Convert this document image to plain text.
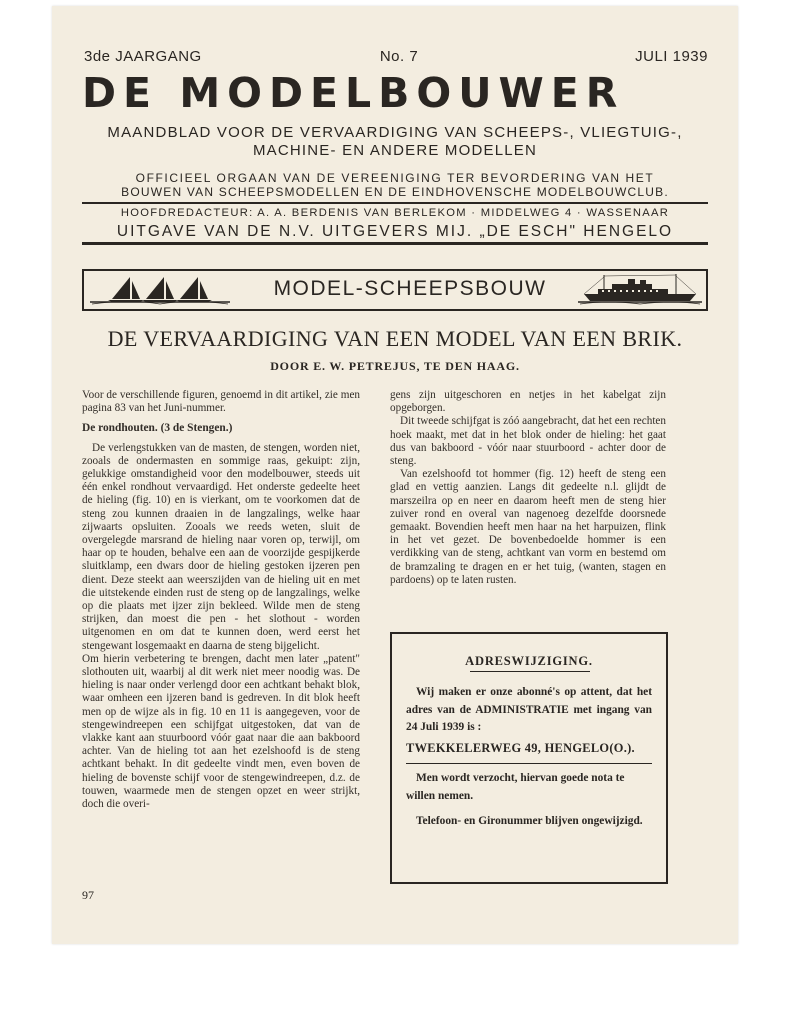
3de JAARGANG	No. 7	JULI 1939
DE MODELBOUWER
MAANDBLAD VOOR DE VERVAARDIGING VAN SCHEEPS-, VLIEGTUIG-,
MACHINE- EN ANDERE MODELLEN
OFFICIEEL ORGAAN VAN DE VEREENIGING TER BEVORDERING VAN HET
BOUWEN VAN SCHEEPSMODELLEN EN DE EINDHOVENSCHE MODELBOUWCLUB.
HOOFDREDACTEUR: A. A. BERDENIS VAN BERLEKOM · MIDDELWEG 4 · WASSENAAR
UITGAVE VAN DE N.V. UITGEVERS MIJ. „DE ESCH" HENGELO
MODEL-SCHEEPSBOUW
DE VERVAARDIGING VAN EEN MODEL VAN EEN BRIK.
DOOR E. W. PETREJUS, TE DEN HAAG.

Voor de verschillende figuren, genoemd in dit artikel, zie men pagina 83 van het Juni-nummer.

De rondhouten. (3 de Stengen.)

De verlengstukken van de masten, de stengen, worden niet, zooals de ondermasten en sommige raas, gekuipt: zijn, gelukkige omstandigheid voor den modelbouwer, steeds uit één enkel rondhout vervaardigd. Het onderste gedeelte heet de hieling (fig. 10) en is vierkant, om te voorkomen dat de steng zou kunnen draaien in de langzalings, welke haar zijwaarts opsluiten. Zooals we reeds weten, sluit de overgelegde marsrand de hieling naar voren op, terwijl, om haar op te houden, behalve een aan de voorzijde gespijkerde sluitklamp, een dwars door de hieling gestoken ijzeren pen dient. Deze steekt aan weerszijden van de hieling uit en met die uitstekende einden rust de steng op de langzalings, welke op die plaats met ijzer zijn bekleed. Wilde men de steng strijken, dan moest die pen - het slothout - worden uitgenomen en om dat te kunnen doen, werd eerst het stengewant losgemaakt en daarna de steng bijgelicht.

Om hierin verbetering te brengen, dacht men later „patent" slothouten uit, waarbij al dit werk niet meer noodig was. De hieling is naar onder verlengd door een achtkant behakt blok, waar omheen een ijzeren band is gedreven. In dit blok heeft men op de wijze als in fig. 10 en 11 is aangegeven, voor de stengewindreepen een schijfgat uitgestoken, dat van de vlakke kant aan stuurboord vóór gaat naar die aan bakboord achter. Van de hieling tot aan het ezelshoofd is de steng achtkant behakt. In dit gedeelte vindt men, even boven de hieling de bovenste schijf voor de stengewindreepen, d.z. de touwen, waarmede men de stengen opzet en weer strijkt, doch die overi-

gens zijn uitgeschoren en netjes in het kabelgat zijn opgeborgen.

Dit tweede schijfgat is zóó aangebracht, dat het een rechten hoek maakt, met dat in het blok onder de hieling: het gaat dus van bakboord - vóór naar stuurboord - achter door de steng.

Van ezelshoofd tot hommer (fig. 12) heeft de steng een glad en vettig aanzien. Langs dit gedeelte n.l. glijdt de marszeilra op en neer en daarom heeft men de steng hier zuiver rond en overal van nagenoeg dezelfde doorsnede gemaakt. Bovendien heeft men haar na het harpuizen, flink in het vet gezet. De bovenbedoelde hommer is een verdikking van de steng, achtkant van vorm en bestemd om de bramzaling te dragen en er het tuig, (wanten, stagen en pardoens) op te laten rusten.

ADRESWIJZIGING.

Wij maken er onze abonné's op attent, dat het adres van de ADMINISTRATIE met ingang van 24 Juli 1939 is :

TWEKKELERWEG 49, HENGELO(O.).

Men wordt verzocht, hiervan goede nota te willen nemen.

Telefoon- en Gironummer blijven ongewijzigd.

97
